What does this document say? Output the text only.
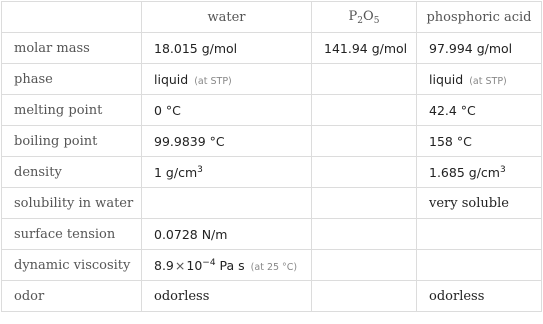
	water	$P_2O_5$	phosphoric acid
molar mass	18.015 g/mol	141.94 g/mol	97.994 g/mol
phase	liquid (at STP)		liquid (at STP)
melting point	0 °C		42.4 °C
boiling point	99.9839 °C		158 °C
density	1 $g/cm^3$		1.685 $g/cm^3$
solubility in water			very soluble
surface tension	0.0728 N/m		
dynamic viscosity	$8.9\times 10^{-4}$ Pa s (at 25 °C)		
odor	odorless		odorless
